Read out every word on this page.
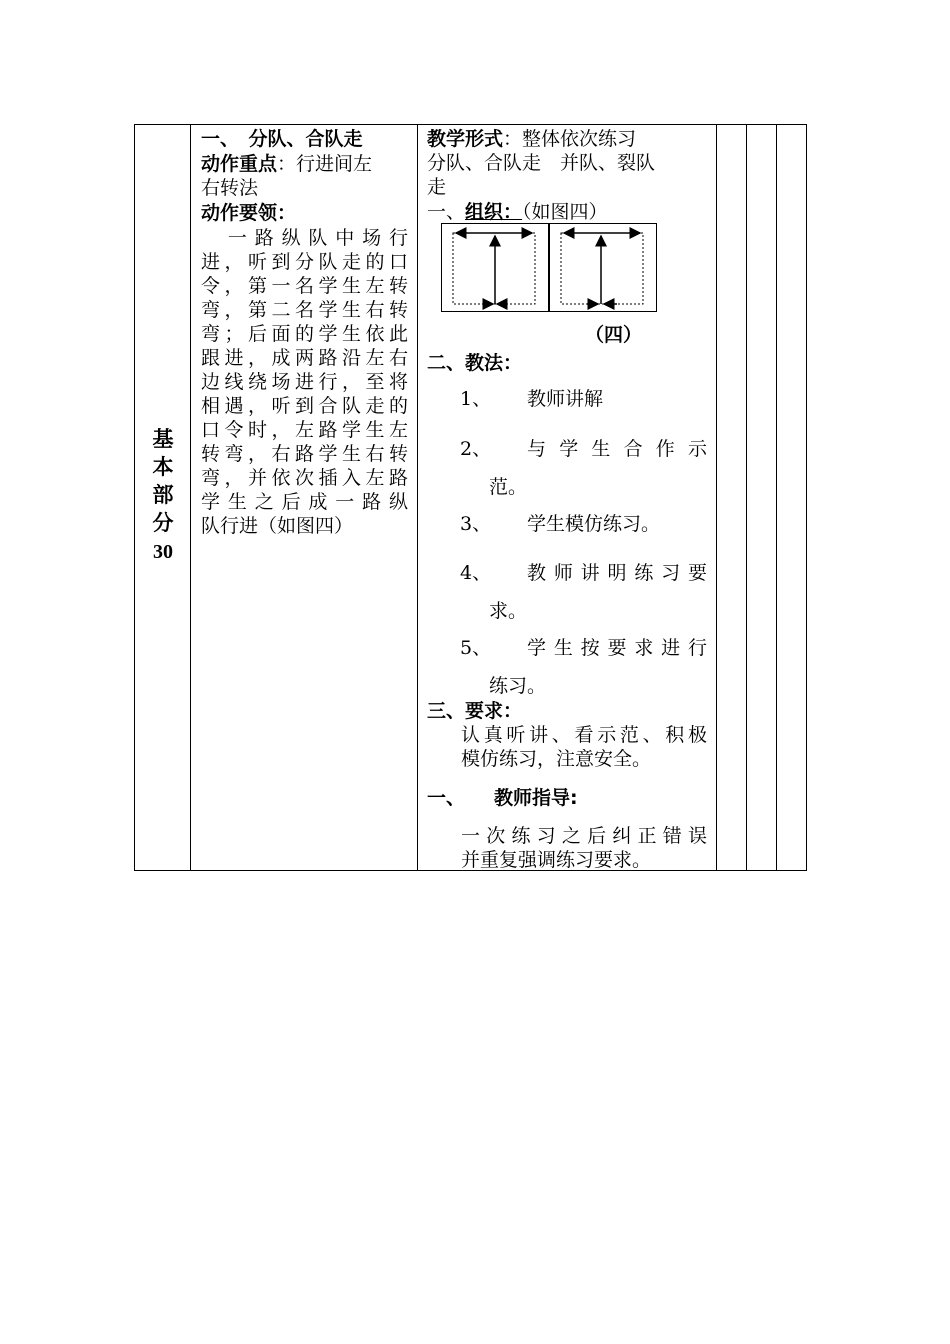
基
本
部
分
30
一、　分队、合队走
动作重点：行进间左
右转法
动作要领：
　一路纵队中场行
进，听到分队走的口
令，第一名学生左转
弯，第二名学生右转
弯；后面的学生依此
跟进，成两路沿左右
边线绕场进行，至将
相遇，听到合队走的
口令时，左路学生左
转弯，右路学生右转
弯，并依次插入左路
学生之后成一路纵
队行进（如图四）
教学形式：整体依次练习
分队、合队走　并队、裂队
走
一、组织：（如图四）
（四）
二、教法：
1、 教师讲解
2、 与学生合作示
范。
3、 学生模仿练习。
4、 教师讲明练习要
求。
5、 学生按要求进行
练习。
三、要求：
认真听讲、看示范、积极
模仿练习，注意安全。
一、 教师指导:
一次练习之后纠正错误
并重复强调练习要求。
